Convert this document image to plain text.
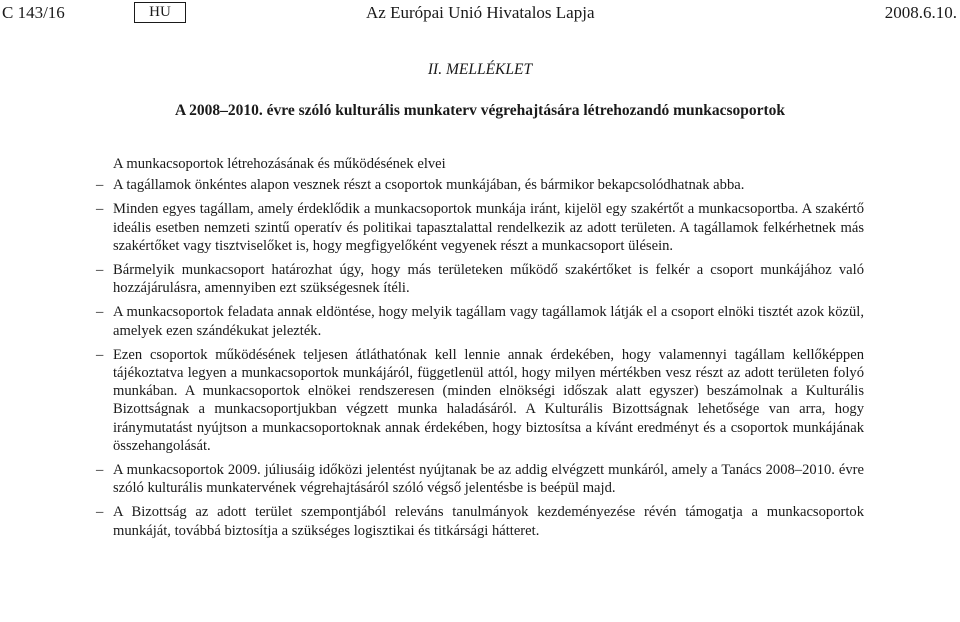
C 143/16	HU	Az Európai Unió Hivatalos Lapja	2008.6.10.
II. MELLÉKLET
A 2008–2010. évre szóló kulturális munkaterv végrehajtására létrehozandó munkacsoportok

A munkacsoportok létrehozásának és működésének elvei

– A tagállamok önkéntes alapon vesznek részt a csoportok munkájában, és bármikor bekapcsolódhatnak abba.

– Minden egyes tagállam, amely érdeklődik a munkacsoportok munkája iránt, kijelöl egy szakértőt a munkacsoportba. A szakértő ideális esetben nemzeti szintű operatív és politikai tapasztalattal rendelkezik az adott területen. A tagállamok felkérhetnek más szakértőket vagy tisztviselőket is, hogy megfigyelőként vegyenek részt a munkacsoport ülésein.

– Bármelyik munkacsoport határozhat úgy, hogy más területeken működő szakértőket is felkér a csoport munkájához való hozzájárulásra, amennyiben ezt szükségesnek ítéli.

– A munkacsoportok feladata annak eldöntése, hogy melyik tagállam vagy tagállamok látják el a csoport elnöki tisztét azok közül, amelyek ezen szándékukat jelezték.

– Ezen csoportok működésének teljesen átláthatónak kell lennie annak érdekében, hogy valamennyi tagállam kellőképpen tájékoztatva legyen a munkacsoportok munkájáról, függetlenül attól, hogy milyen mértékben vesz részt az adott területen folyó munkában. A munkacsoportok elnökei rendszeresen (minden elnökségi időszak alatt egyszer) beszámolnak a Kulturális Bizottságnak a munkacsoportjukban végzett munka haladásáról. A Kulturális Bizottságnak lehetősége van arra, hogy iránymutatást nyújtson a munkacsoportoknak annak érdekében, hogy biztosítsa a kívánt eredményt és a csoportok munkájának összehangolását.

– A munkacsoportok 2009. júliusáig időközi jelentést nyújtanak be az addig elvégzett munkáról, amely a Tanács 2008–2010. évre szóló kulturális munkatervének végrehajtásáról szóló végső jelentésbe is beépül majd.

– A Bizottság az adott terület szempontjából releváns tanulmányok kezdeményezése révén támogatja a munkacsoportok munkáját, továbbá biztosítja a szükséges logisztikai és titkársági hátteret.
